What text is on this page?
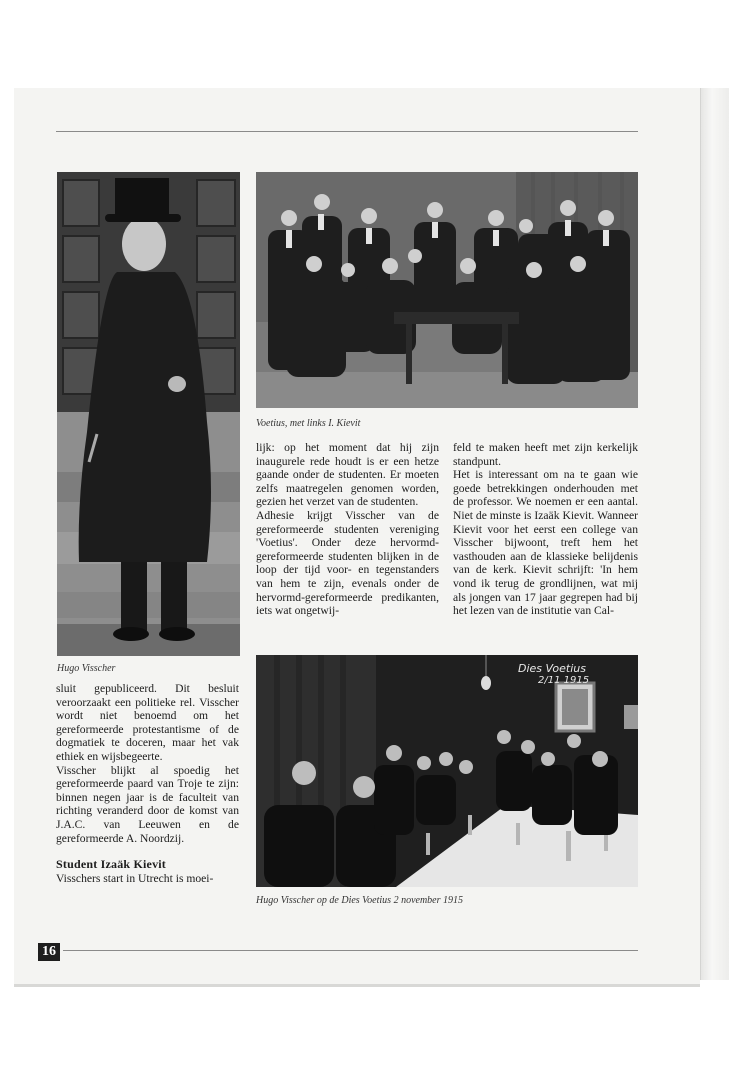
Hugo Visscher
Voetius, met links I. Kievit
Dies Voetius
2/11 1915
Hugo Visscher op de Dies Voetius 2 november 1915

sluit gepubliceerd. Dit besluit veroorzaakt een politieke rel. Visscher wordt niet benoemd om het gereformeerde protestantisme of de dogmatiek te doceren, maar het vak ethiek en wijsbegeerte.

Visscher blijkt al spoedig het gereformeerde paard van Troje te zijn: binnen negen jaar is de faculteit van richting veranderd door de komst van J.A.C. van Leeuwen en de gereformeerde A. Noordzij.

Student Izaäk Kievit

Visschers start in Utrecht is moei-

lijk: op het moment dat hij zijn inaugurele rede houdt is er een hetze gaande onder de studenten. Er moeten zelfs maatregelen genomen worden, gezien het verzet van de studenten.

Adhesie krijgt Visscher van de gereformeerde studenten vereniging 'Voetius'. Onder deze hervormd-gereformeerde studenten blijken in de loop der tijd voor- en tegenstanders van hem te zijn, evenals onder de hervormd-gereformeerde predikanten, iets wat ongetwij-

feld te maken heeft met zijn kerkelijk standpunt.

Het is interessant om na te gaan wie goede betrekkingen onderhouden met de professor. We noemen er een aantal. Niet de minste is Izaäk Kievit. Wanneer Kievit voor het eerst een college van Visscher bijwoont, treft hem het vasthouden aan de klassieke belijdenis van de kerk. Kievit schrijft: 'In hem vond ik terug de grondlijnen, wat mij als jongen van 17 jaar gegrepen had bij het lezen van de institutie van Cal-

16
